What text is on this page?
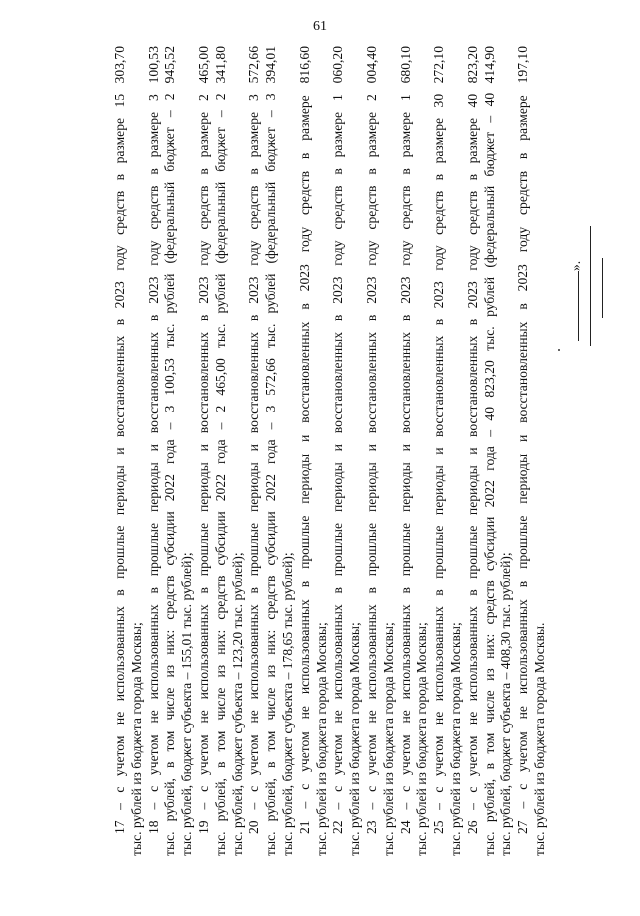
61
17 – с учетом не использованных в прошлые периоды и восстановленных в 2023 году средств в размере 15 303,70 тыс. рублей из бюджета города Москвы; 18 – с учетом не использованных в прошлые периоды и восстановленных в 2023 году средств в размере 3 100,53 тыс. рублей, в том числе из них: средств субсидии 2022 года – 3 100,53 тыс. рублей (федеральный бюджет – 2 945,52 тыс. рублей, бюджет субъекта – 155,01 тыс. рублей); 19 – с учетом не использованных в прошлые периоды и восстановленных в 2023 году средств в размере 2 465,00 тыс. рублей, в том числе из них: средств субсидии 2022 года – 2 465,00 тыс. рублей (федеральный бюджет – 2 341,80 тыс. рублей, бюджет субъекта – 123,20 тыс. рублей); 20 – с учетом не использованных в прошлые периоды и восстановленных в 2023 году средств в размере 3 572,66 тыс. рублей, в том числе из них: средств субсидии 2022 года – 3 572,66 тыс. рублей (федеральный бюджет – 3 394,01 тыс. рублей, бюджет субъекта – 178,65 тыс. рублей); 21 – с учетом не использованных в прошлые периоды и восстановленных в 2023 году средств в размере 816,60 тыс. рублей из бюджета города Москвы; 22 – с учетом не использованных в прошлые периоды и восстановленных в 2023 году средств в размере 1 060,20 тыс. рублей из бюджета города Москвы; 23 – с учетом не использованных в прошлые периоды и восстановленных в 2023 году средств в размере 2 004,40 тыс. рублей из бюджета города Москвы; 24 – с учетом не использованных в прошлые периоды и восстановленных в 2023 году средств в размере 1 680,10 тыс. рублей из бюджета города Москвы; 25 – с учетом не использованных в прошлые периоды и восстановленных в 2023 году средств в размере 30 272,10 тыс. рублей из бюджета города Москвы; 26 – с учетом не использованных в прошлые периоды и восстановленных в 2023 году средств в размере 40 823,20 тыс. рублей, в том числе из них: средств субсидии 2022 года – 40 823,20 тыс. рублей (федеральный бюджет – 40 414,90 тыс. рублей, бюджет субъекта – 408,30 тыс. рублей); 27 – с учетом не использованных в прошлые периоды и восстановленных в 2023 году средств в размере 197,10 тыс. рублей из бюджета города Москвы.
».
